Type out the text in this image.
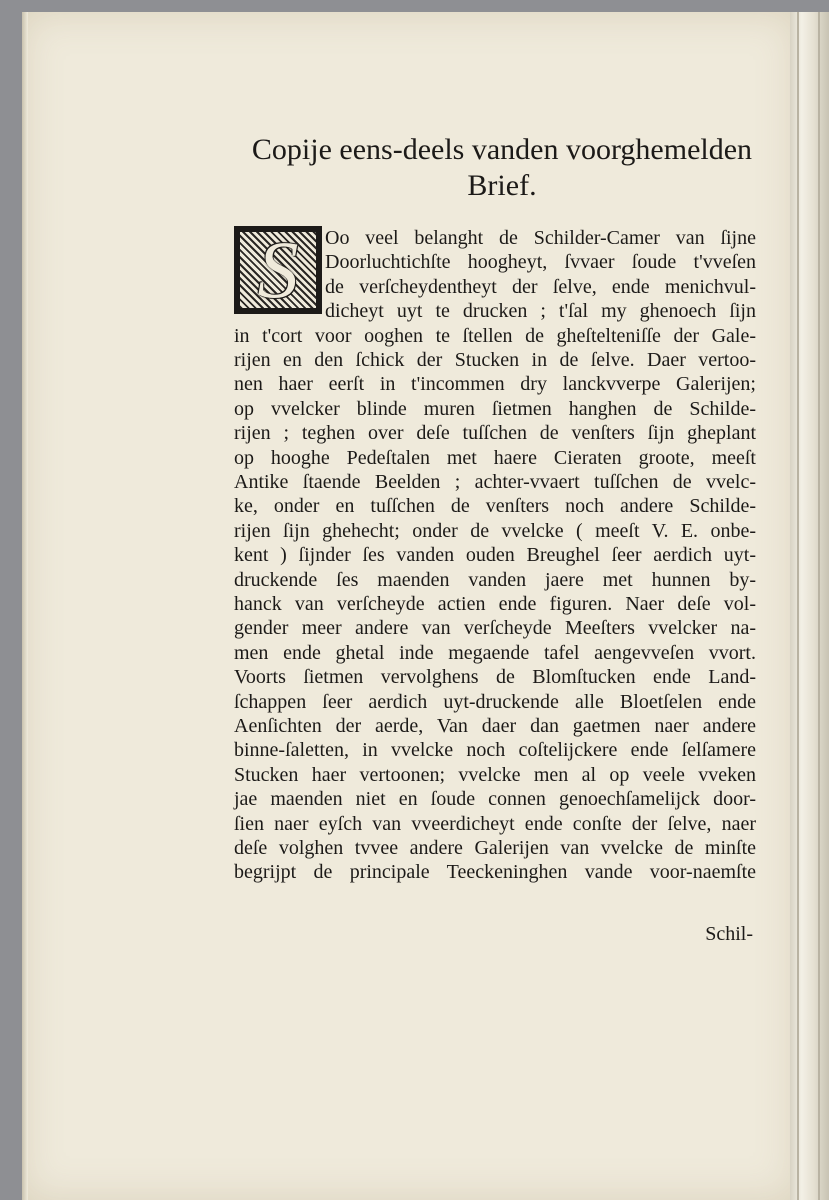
Copije eens-deels vanden voorghemelden
Brief.
S	Oo veel belanght de Schilder-Camer van ſijne
Doorluchtichſte hoogheyt, ſvvaer ſoude t'vveſen
de verſcheydentheyt der ſelve, ende menichvul-
dicheyt uyt te drucken ; t'ſal my ghenoech ſijn
in t'cort voor ooghen te ſtellen de gheſtelteniſſe der Gale-
rijen en den ſchick der Stucken in de ſelve. Daer vertoo-
nen haer eerſt in t'incommen dry lanckvverpe Galerijen;
op vvelcker blinde muren ſietmen hanghen de Schilde-
rijen ; teghen over deſe tuſſchen de venſters ſijn gheplant
op hooghe Pedeſtalen met haere Cieraten groote, meeſt
Antike ſtaende Beelden ; achter-vvaert tuſſchen de vvelc-
ke, onder en tuſſchen de venſters noch andere Schilde-
rijen ſijn ghehecht; onder de vvelcke ( meeſt V. E. onbe-
kent ) ſijnder ſes vanden ouden Breughel ſeer aerdich uyt-
druckende ſes maenden vanden jaere met hunnen by-
hanck van verſcheyde actien ende figuren. Naer deſe vol-
gender meer andere van verſcheyde Meeſters vvelcker na-
men ende ghetal inde megaende tafel aengevveſen vvort.
Voorts ſietmen vervolghens de Blomſtucken ende Land-
ſchappen ſeer aerdich uyt-druckende alle Bloetſelen ende
Aenſichten der aerde, Van daer dan gaetmen naer andere
binne-ſaletten, in vvelcke noch coſtelijckere ende ſelſamere
Stucken haer vertoonen; vvelcke men al op veele vveken
jae maenden niet en ſoude connen genoechſamelijck door-
ſien naer eyſch van vveerdicheyt ende conſte der ſelve, naer
deſe volghen tvvee andere Galerijen van vvelcke de minſte
begrijpt de principale Teeckeninghen vande voor-naemſte
Schil-
